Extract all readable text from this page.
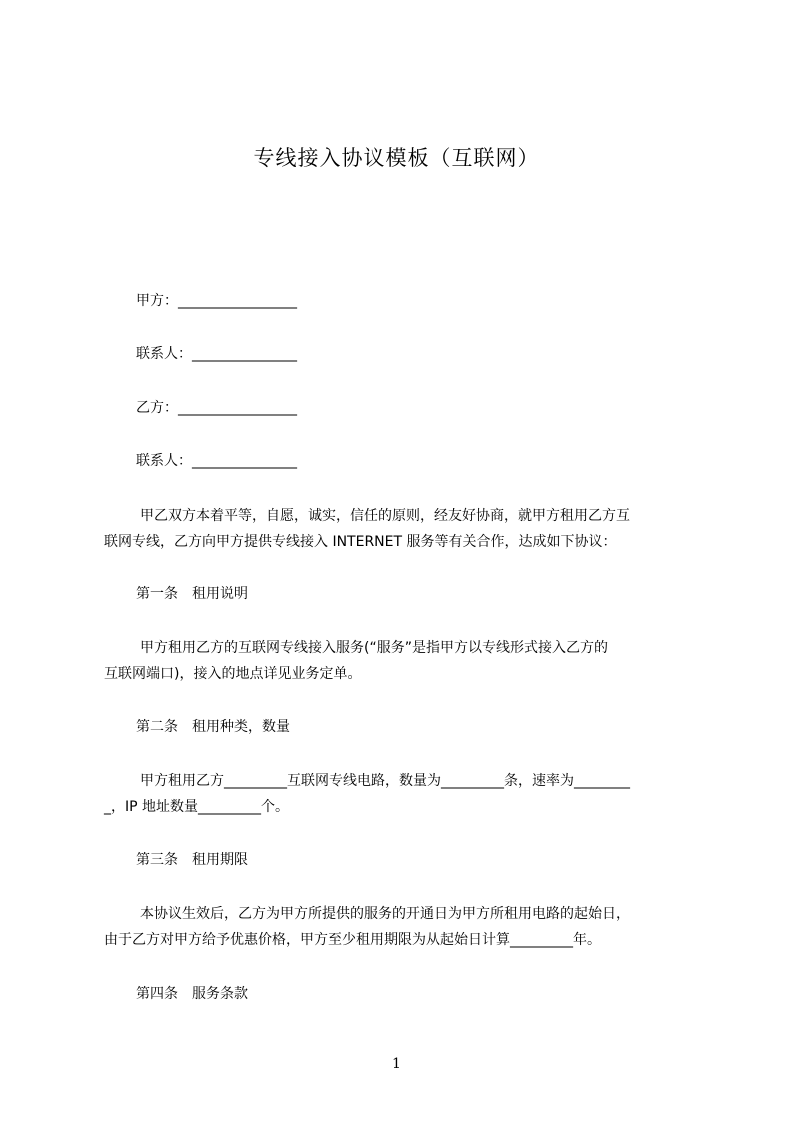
专线接入协议模板（互联网）
甲方：_________________
联系人：_______________
乙方：_________________
联系人：_______________
甲乙双方本着平等，自愿，诚实，信任的原则，经友好协商，就甲方租用乙方互
联网专线，乙方向甲方提供专线接入 INTERNET 服务等有关合作，达成如下协议：
第一条　租用说明
甲方租用乙方的互联网专线接入服务(“服务”是指甲方以专线形式接入乙方的
互联网端口)，接入的地点详见业务定单。
第二条　租用种类，数量
甲方租用乙方_________互联网专线电路，数量为_________条，速率为________
_，IP 地址数量_________个。
第三条　租用期限
本协议生效后，乙方为甲方所提供的服务的开通日为甲方所租用电路的起始日，
由于乙方对甲方给予优惠价格，甲方至少租用期限为从起始日计算_________年。
第四条　服务条款
1
